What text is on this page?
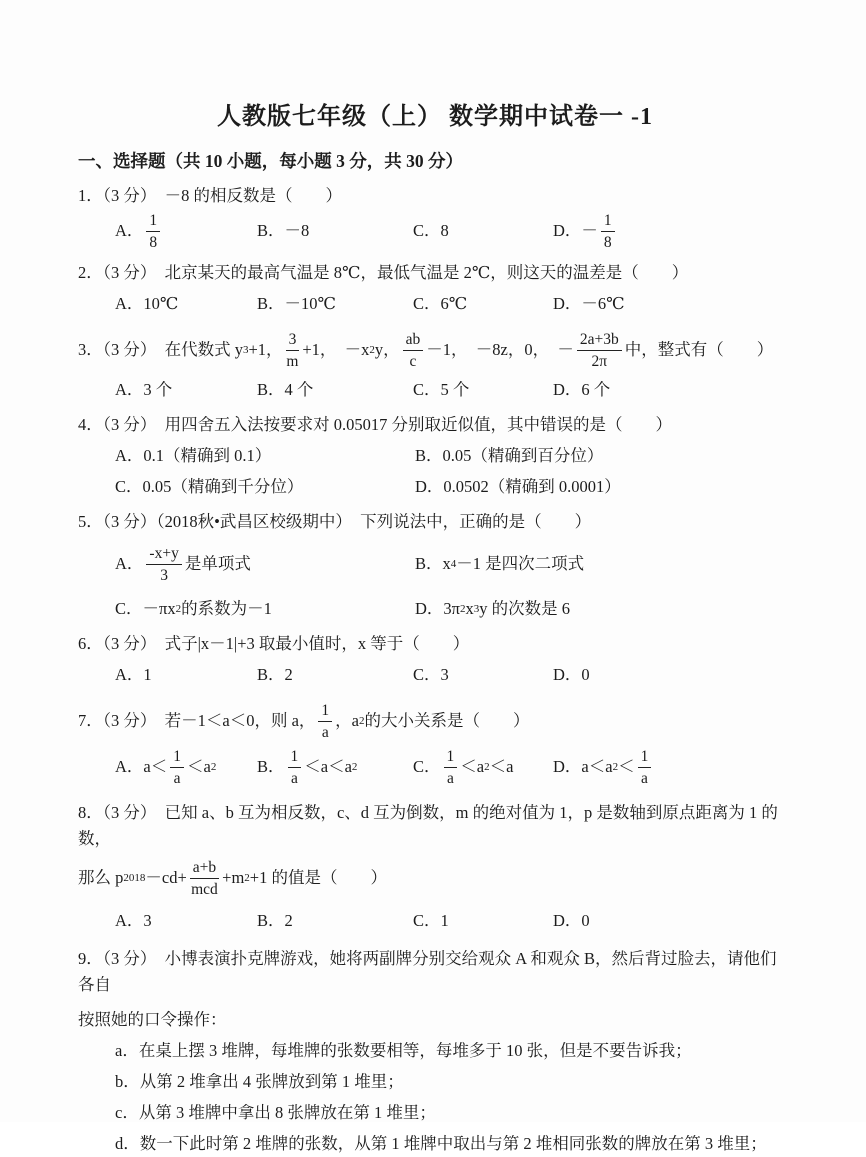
人教版七年级（上） 数学期中试卷一 -1
一、选择题（共 10 小题，每小题 3 分，共 30 分）
1．（3 分）　－8 的相反数是（　　）
A． $\frac{1}{8}$	B．－8	C．8	D．－ $\frac{1}{8}$
2．（3 分）　北京某天的最高气温是 8℃，最低气温是 2℃，则这天的温差是（　　）
A．10℃	B．－10℃	C．6℃	D．－6℃
3．（3 分）　在代数式 y 3 +1， $\frac{3}{m} +1$，　－x 2 y， $\frac{ab}{c} -1$，　－8z，0，　－ $\frac{2a+3b}{2\pi}$ 中，整式有（　　）
A．3 个	B．4 个	C．5 个	D．6 个
4．（3 分）　用四舍五入法按要求对 0.05017 分别取近似值，其中错误的是（　　）
A．0.1（精确到 0.1）	B．0.05（精确到百分位）
C．0.05（精确到千分位）	D．0.0502（精确到 0.0001）
5．（3 分）（2018秋•武昌区校级期中）　下列说法中，正确的是（　　）
A． $\frac{-x+y}{3}$ 是单项式	B．x 4 －1 是四次二项式
C．－πx 2 的系数为－1	D．3π 2 x 3 y 的次数是 6
6．（3 分）　式子|x－1|+3 取最小值时，x 等于（　　）
A．1	B．2	C．3	D．0
7．（3 分）　若－1＜a＜0，则 a， $\frac{1}{a}$ ，a 2 的大小关系是（　　）
A．$a< \frac{1}{a} <a$ 2 B． $\frac{1}{a} <a<a$ 2	C． $\frac{1}{a} <a$ 2 ＜a D．a＜a $2 < \frac{1}{a}$
8．（3 分）　已知 a、b 互为相反数，c、d 互为倒数，m 的绝对值为 1，p 是数轴到原点距离为 1 的数，
那么 p $2018 -cd+ \frac{a+b}{\text{mcd}} +m$ 2 +1 的值是（　　）
A．3	B．2	C．1	D．0
9．（3 分）　小博表演扑克牌游戏，她将两副牌分别交给观众 A 和观众 B，然后背过脸去，请他们各自
按照她的口令操作：
a．在桌上摆 3 堆牌，每堆牌的张数要相等，每堆多于 10 张，但是不要告诉我；
b．从第 2 堆拿出 4 张牌放到第 1 堆里；
c．从第 3 堆牌中拿出 8 张牌放在第 1 堆里；
d．数一下此时第 2 堆牌的张数，从第 1 堆牌中取出与第 2 堆相同张数的牌放在第 3 堆里；
